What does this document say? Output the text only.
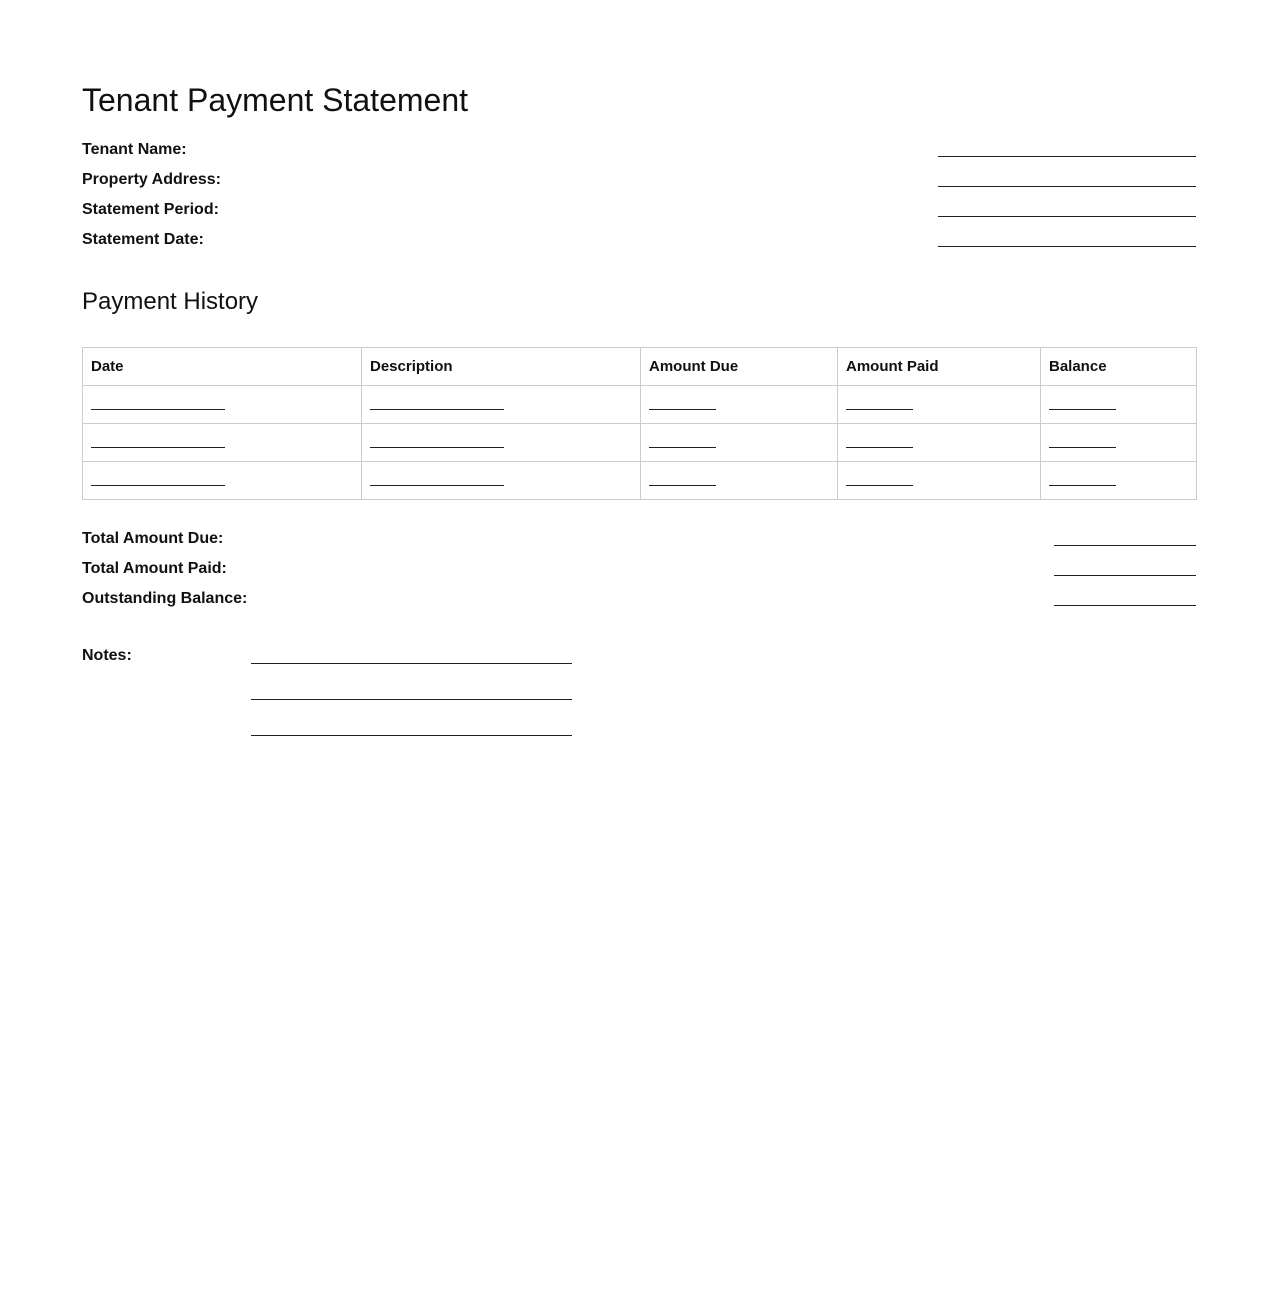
Tenant Payment Statement
Tenant Name:
Property Address:
Statement Period:
Statement Date:
Payment History
Date	Description	Amount Due	Amount Paid	Balance

Total Amount Due:
Total Amount Paid:
Outstanding Balance:
Notes:
